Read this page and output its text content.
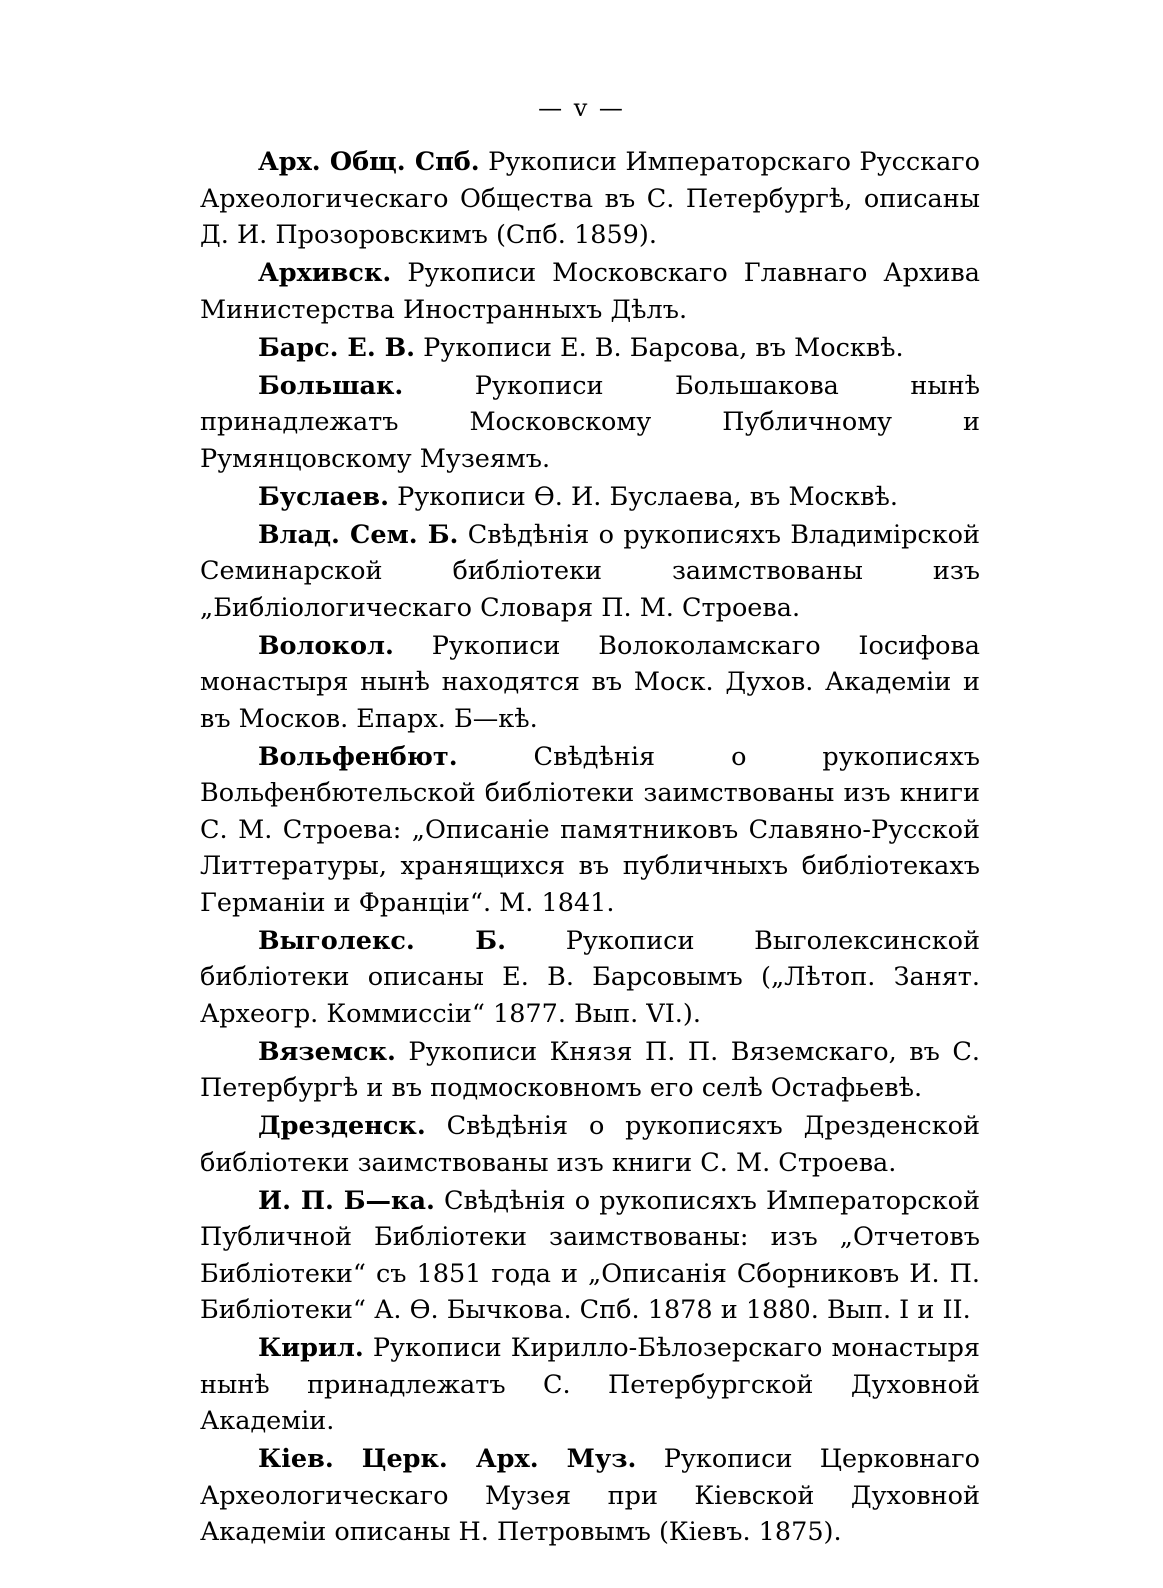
— v —

Арх. Общ. Спб. Рукописи Императорскаго Русскаго Археологическаго Общества въ С. Петербургѣ, описаны Д. И. Прозоровскимъ (Спб. 1859).

Архивск. Рукописи Московскаго Главнаго Архива Министерства Иностранныхъ Дѣлъ.

Барс. Е. В. Рукописи Е. В. Барсова, въ Москвѣ.

Большак. Рукописи Большакова нынѣ принадлежатъ Московскому Публичному и Румянцовскому Музеямъ.

Буслаев. Рукописи Ѳ. И. Буслаева, въ Москвѣ.

Влад. Сем. Б. Свѣдѣнія о рукописяхъ Владимірской Семинарской библіотеки заимствованы изъ „Библіологическаго Словаря П. М. Строева.

Волокол. Рукописи Волоколамскаго Іосифова монастыря нынѣ находятся въ Моск. Духов. Академіи и въ Москов. Епарх. Б—кѣ.

Вольфенбют. Свѣдѣнія о рукописяхъ Вольфенбютельской библіотеки заимствованы изъ книги С. М. Строева: „Описаніе памятниковъ Славяно-Русской Литтературы, хранящихся въ публичныхъ библіотекахъ Германіи и Франціи“. М. 1841.

Выголекс. Б. Рукописи Выголексинской библіотеки описаны Е. В. Барсовымъ („Лѣтоп. Занят. Археогр. Коммиссіи“ 1877. Вып. VI.).

Вяземск. Рукописи Князя П. П. Вяземскаго, въ С. Петербургѣ и въ подмосковномъ его селѣ Остафьевѣ.

Дрезденск. Свѣдѣнія о рукописяхъ Дрезденской библіотеки заимствованы изъ книги С. М. Строева.

И. П. Б—ка. Свѣдѣнія о рукописяхъ Императорской Публичной Библіотеки заимствованы: изъ „Отчетовъ Библіотеки“ съ 1851 года и „Описанія Сборниковъ И. П. Библіотеки“ А. Ѳ. Бычкова. Спб. 1878 и 1880. Вып. I и II.

Кирил. Рукописи Кирилло-Бѣлозерскаго монастыря нынѣ принадлежатъ С. Петербургской Духовной Академіи.

Кіев. Церк. Арх. Муз. Рукописи Церковнаго Археологическаго Музея при Кіевской Духовной Академіи описаны Н. Петровымъ (Кіевъ. 1875).
